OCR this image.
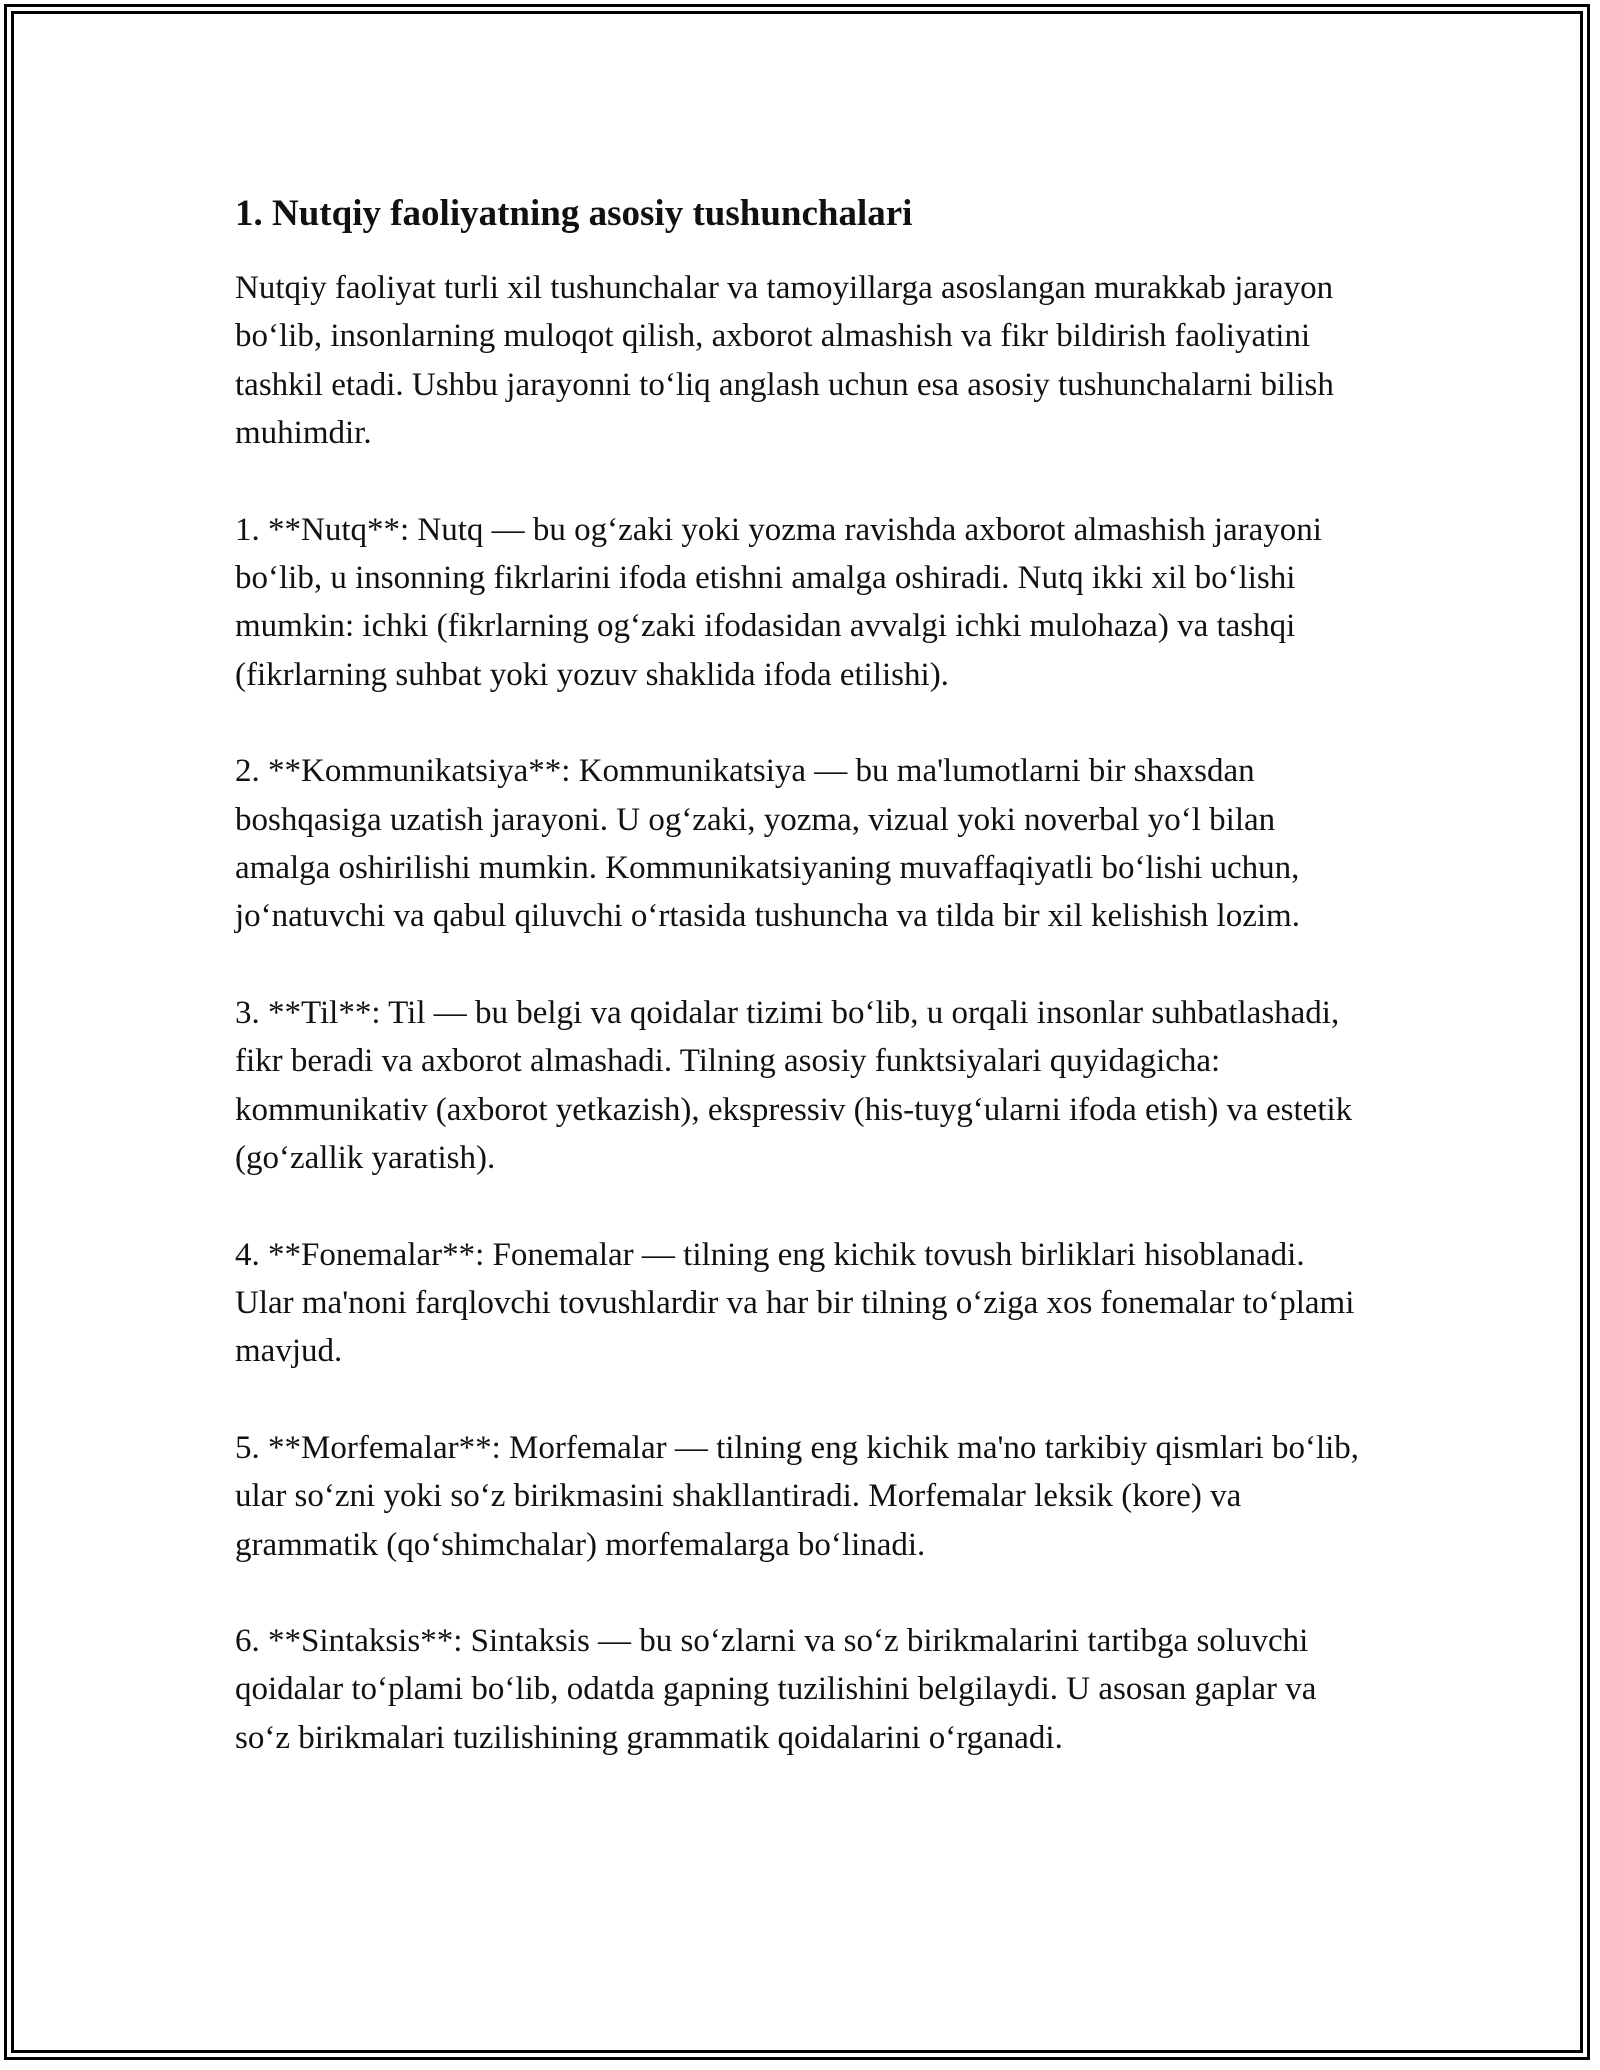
1. Nutqiy faoliyatning asosiy tushunchalari

Nutqiy faoliyat turli xil tushunchalar va tamoyillarga asoslangan murakkab jarayon bo‘lib, insonlarning muloqot qilish, axborot almashish va fikr bildirish faoliyatini tashkil etadi. Ushbu jarayonni to‘liq anglash uchun esa asosiy tushunchalarni bilish muhimdir.

1. **Nutq**: Nutq — bu og‘zaki yoki yozma ravishda axborot almashish jarayoni bo‘lib, u insonning fikrlarini ifoda etishni amalga oshiradi. Nutq ikki xil bo‘lishi mumkin: ichki (fikrlarning og‘zaki ifodasidan avvalgi ichki mulohaza) va tashqi (fikrlarning suhbat yoki yozuv shaklida ifoda etilishi).

2. **Kommunikatsiya**: Kommunikatsiya — bu ma'lumotlarni bir shaxsdan boshqasiga uzatish jarayoni. U og‘zaki, yozma, vizual yoki noverbal yo‘l bilan amalga oshirilishi mumkin. Kommunikatsiyaning muvaffaqiyatli bo‘lishi uchun, jo‘natuvchi va qabul qiluvchi o‘rtasida tushuncha va tilda bir xil kelishish lozim.

3. **Til**: Til — bu belgi va qoidalar tizimi bo‘lib, u orqali insonlar suhbatlashadi, fikr beradi va axborot almashadi. Tilning asosiy funktsiyalari quyidagicha: kommunikativ (axborot yetkazish), ekspressiv (his-tuyg‘ularni ifoda etish) va estetik (go‘zallik yaratish).

4. **Fonemalar**: Fonemalar — tilning eng kichik tovush birliklari hisoblanadi. Ular ma'noni farqlovchi tovushlardir va har bir tilning o‘ziga xos fonemalar to‘plami mavjud.

5. **Morfemalar**: Morfemalar — tilning eng kichik ma'no tarkibiy qismlari bo‘lib, ular so‘zni yoki so‘z birikmasini shakllantiradi. Morfemalar leksik (kore) va grammatik (qo‘shimchalar) morfemalarga bo‘linadi.

6. **Sintaksis**: Sintaksis — bu so‘zlarni va so‘z birikmalarini tartibga soluvchi qoidalar to‘plami bo‘lib, odatda gapning tuzilishini belgilaydi. U asosan gaplar va so‘z birikmalari tuzilishining grammatik qoidalarini o‘rganadi.
